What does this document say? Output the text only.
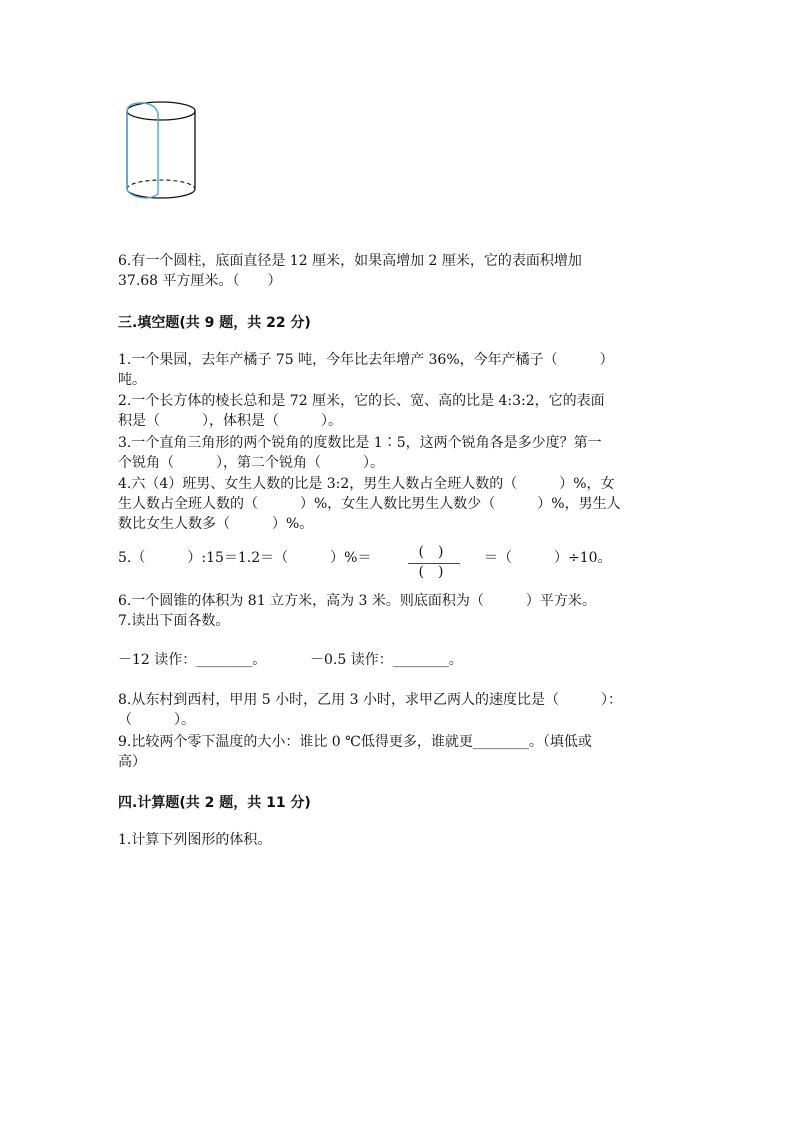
6.有一个圆柱，底面直径是 12 厘米，如果高增加 2 厘米，它的表面积增加
37.68 平方厘米。（　　）
三.填空题(共 9 题，共 22 分)
1.一个果园，去年产橘子 75 吨，今年比去年增产 36%，今年产橘子（　　　）
吨。
2.一个长方体的棱长总和是 72 厘米，它的长、宽、高的比是 4:3:2，它的表面
积是（　　　），体积是（　　　）。
3.一个直角三角形的两个锐角的度数比是 1∶5，这两个锐角各是多少度？第一
个锐角（　　　），第二个锐角（　　　）。
4.六（4）班男、女生人数的比是 3:2，男生人数占全班人数的（　　　）%，女
生人数占全班人数的（　　　）%，女生人数比男生人数少（　　　）%，男生人
数比女生人数多（　　　）%。
5.（　　　）:15＝1.2＝（　　　）%＝	(　)
(　)
＝（　　　）÷10。
6.一个圆锥的体积为 81 立方米，高为 3 米。则底面积为（　　　）平方米。
7.读出下面各数。
－12 读作：________。	－0.5 读作：________。
8.从东村到西村，甲用 5 小时，乙用 3 小时，求甲乙两人的速度比是（　　　）：
（　　　）。
9.比较两个零下温度的大小：谁比 0 ℃低得更多，谁就更________。（填低或
高）
四.计算题(共 2 题，共 11 分)
1.计算下列图形的体积。
